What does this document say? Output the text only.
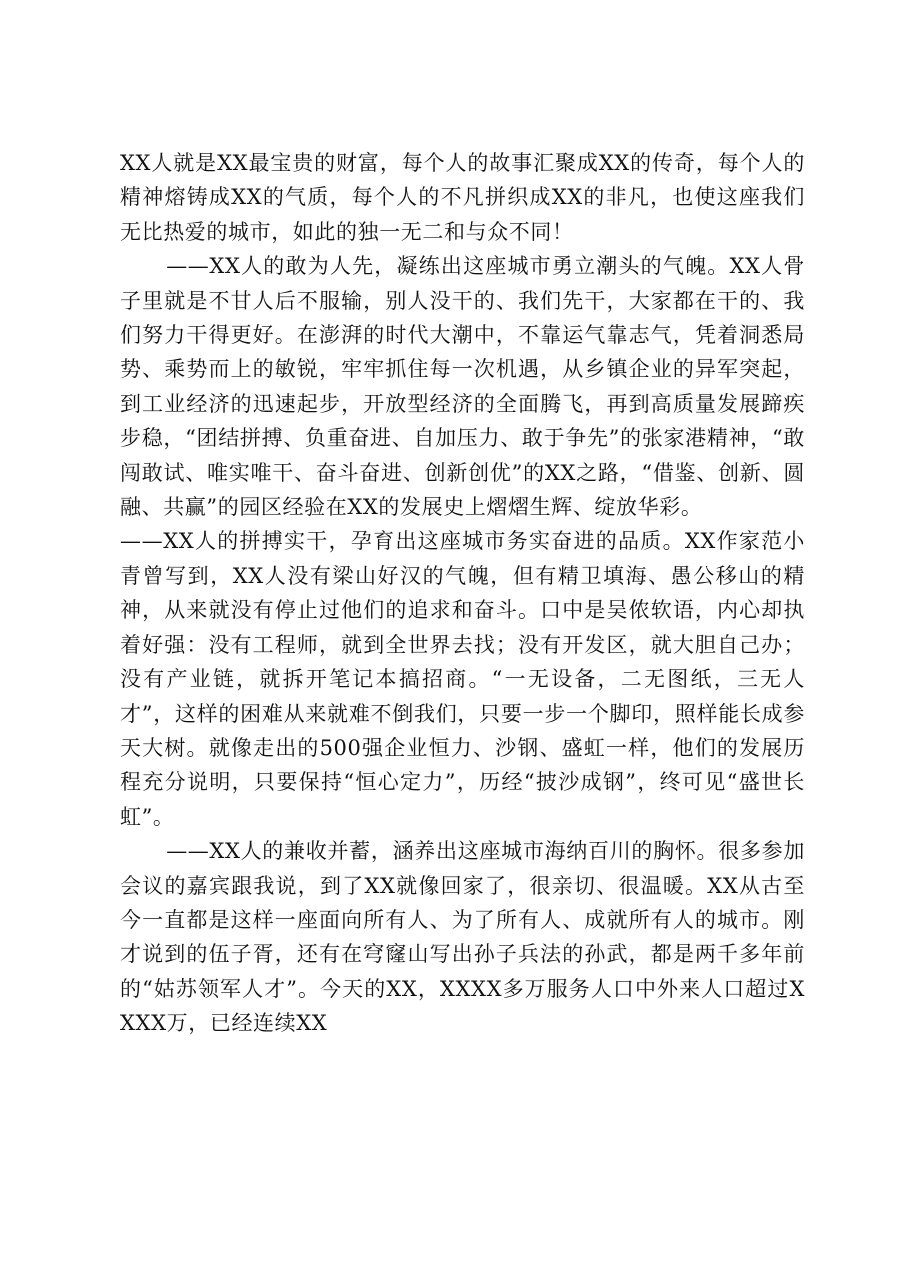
XX人就是XX最宝贵的财富，每个人的故事汇聚成XX的传奇，每个人的精神熔铸成XX的气质，每个人的不凡拼织成XX的非凡，也使这座我们无比热爱的城市，如此的独一无二和与众不同！

——XX人的敢为人先，凝练出这座城市勇立潮头的气魄。XX人骨子里就是不甘人后不服输，别人没干的、我们先干，大家都在干的、我们努力干得更好。在澎湃的时代大潮中，不靠运气靠志气，凭着洞悉局势、乘势而上的敏锐，牢牢抓住每一次机遇，从乡镇企业的异军突起，到工业经济的迅速起步，开放型经济的全面腾飞，再到高质量发展蹄疾步稳，“团结拼搏、负重奋进、自加压力、敢于争先”的张家港精神，“敢闯敢试、唯实唯干、奋斗奋进、创新创优”的XX之路，“借鉴、创新、圆融、共赢”的园区经验在XX的发展史上熠熠生辉、绽放华彩。

——XX人的拼搏实干，孕育出这座城市务实奋进的品质。XX作家范小青曾写到，XX人没有梁山好汉的气魄，但有精卫填海、愚公移山的精神，从来就没有停止过他们的追求和奋斗。口中是吴侬软语，内心却执着好强：没有工程师，就到全世界去找；没有开发区，就大胆自己办；没有产业链，就拆开笔记本搞招商。“一无设备，二无图纸，三无人才”，这样的困难从来就难不倒我们，只要一步一个脚印，照样能长成参天大树。就像走出的500强企业恒力、沙钢、盛虹一样，他们的发展历程充分说明，只要保持“恒心定力”，历经“披沙成钢”，终可见“盛世长虹”。

——XX人的兼收并蓄，涵养出这座城市海纳百川的胸怀。很多参加会议的嘉宾跟我说，到了XX就像回家了，很亲切、很温暖。XX从古至今一直都是这样一座面向所有人、为了所有人、成就所有人的城市。刚才说到的伍子胥，还有在穹窿山写出孙子兵法的孙武，都是两千多年前的“姑苏领军人才”。今天的XX，XXXX多万服务人口中外来人口超过XXXX万，已经连续XX
